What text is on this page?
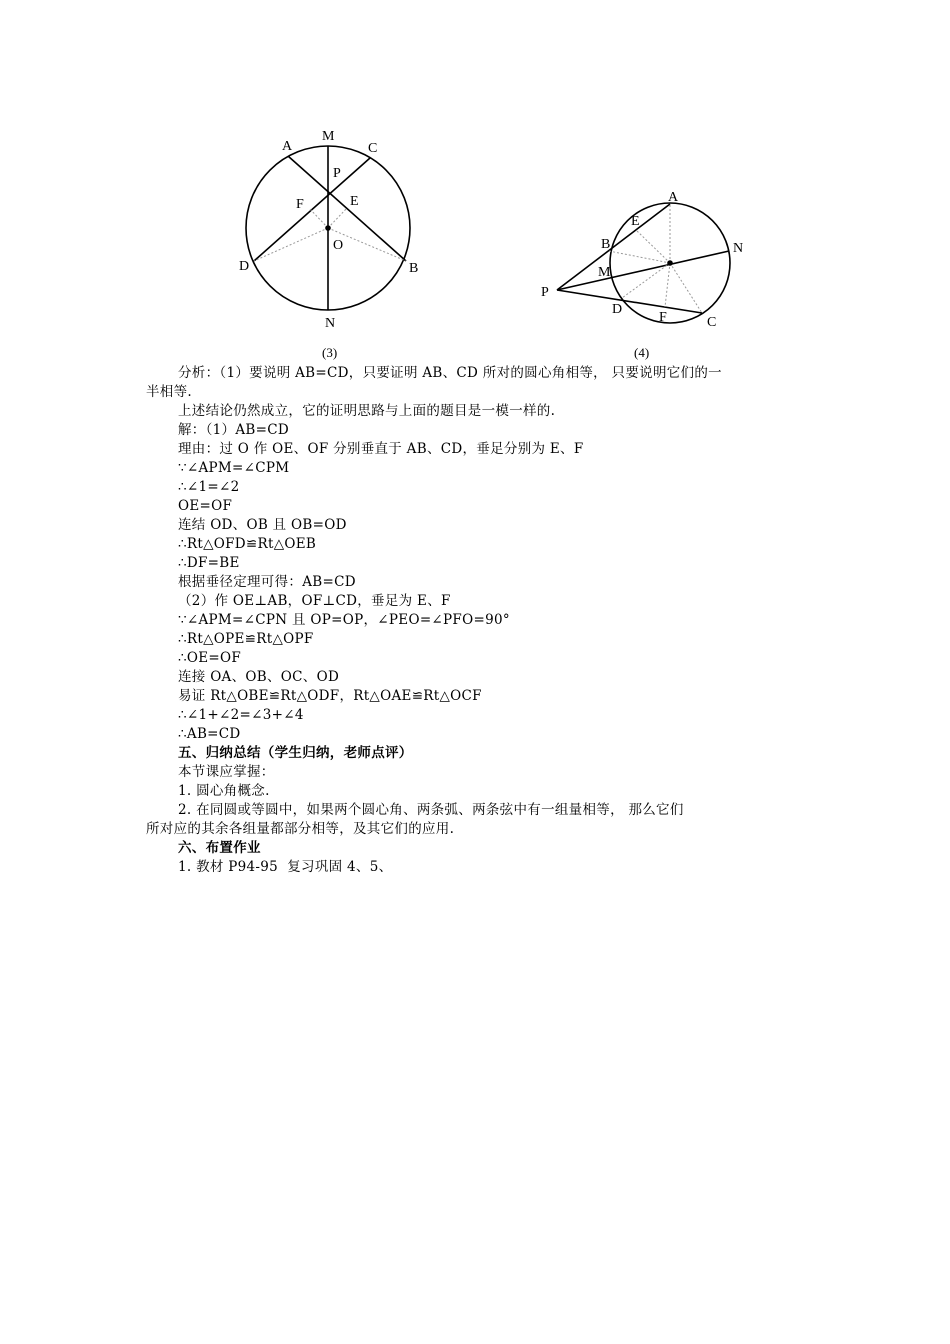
A
M
C
P
F	E
O
D	B
N
(3)
A
E
B	N
M
P
D
F	C
(4)
分析：（1）要说明 AB=CD，只要证明 AB、CD 所对的圆心角相等， 只要说明它们的一
半相等.
上述结论仍然成立，它的证明思路与上面的题目是一模一样的.
解：（1）AB=CD
理由：过 O 作 OE、OF 分别垂直于 AB、CD，垂足分别为 E、F
∵∠APM=∠CPM
∴∠1=∠2
OE=OF
连结 OD、OB 且 OB=OD
∴Rt△OFD≌Rt△OEB
∴DF=BE
根据垂径定理可得：AB=CD
（2）作 OE⊥AB，OF⊥CD，垂足为 E、F
∵∠APM=∠CPN 且 OP=OP，∠PEO=∠PFO=90°
∴Rt△OPE≌Rt△OPF
∴OE=OF
连接 OA、OB、OC、OD
易证 Rt△OBE≌Rt△ODF，Rt△OAE≌Rt△OCF
∴∠1+∠2=∠3+∠4
∴AB=CD
五、归纳总结（学生归纳，老师点评）
本节课应掌握：
1. 圆心角概念.
2. 在同圆或等圆中，如果两个圆心角、两条弧、两条弦中有一组量相等， 那么它们
所对应的其余各组量都部分相等，及其它们的应用.
六、布置作业
1. 教材 P94-95  复习巩固 4、5、
